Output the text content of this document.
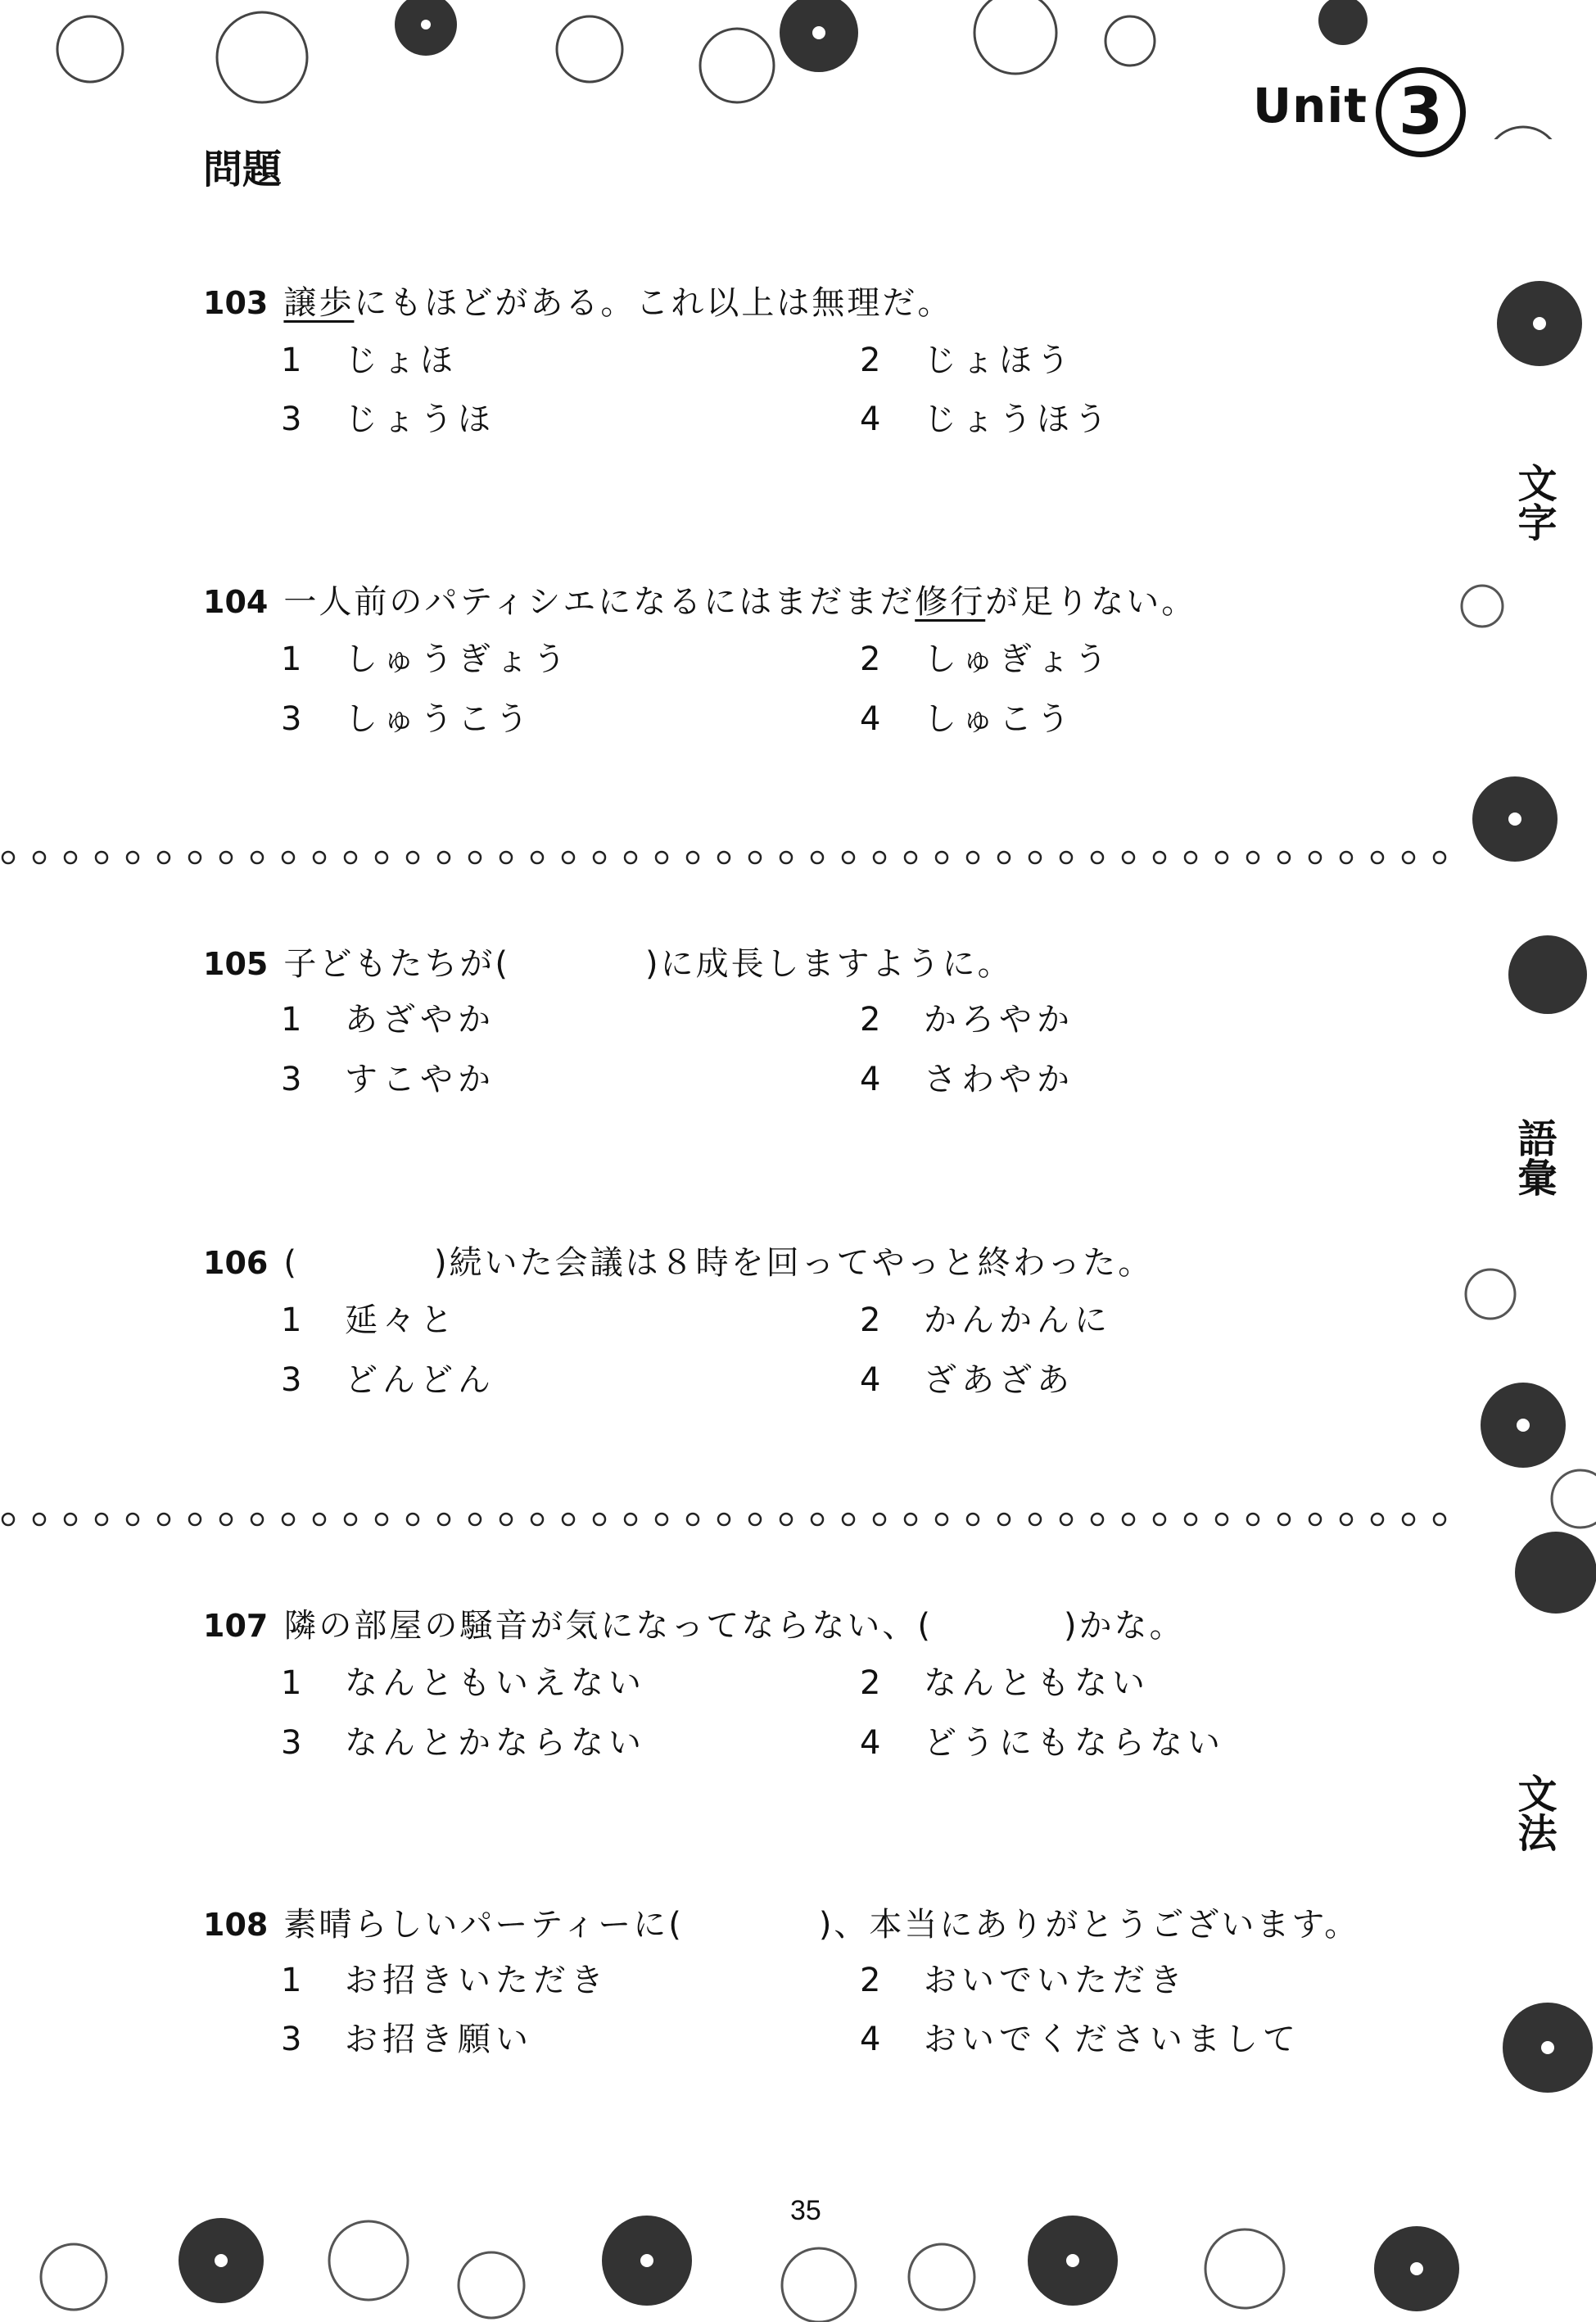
Unit 3
問題
文字
語彙
文法
103 譲歩にもほどがある。これ以上は無理だ。
1 じょほ	2 じょほう
3 じょうほ	4 じょうほう
104 一人前のパティシエになるにはまだまだ修行が足りない。
1 しゅうぎょう	2 しゅぎょう
3 しゅうこう	4 しゅこう
105 子どもたちが(	)に成長しますように。
1 あざやか	2 かろやか
3 すこやか	4 さわやか
106 (	)続いた会議は８時を回ってやっと終わった。
1 延々と	2 かんかんに
3 どんどん	4 ざあざあ
107 隣の部屋の騒音が気になってならない、(	)かな。
1 なんともいえない	2 なんともない
3 なんとかならない	4 どうにもならない
108 素晴らしいパーティーに(	)、本当にありがとうございます。
1 お招きいただき	2 おいでいただき
3 お招き願い	4 おいでくださいまして
35
